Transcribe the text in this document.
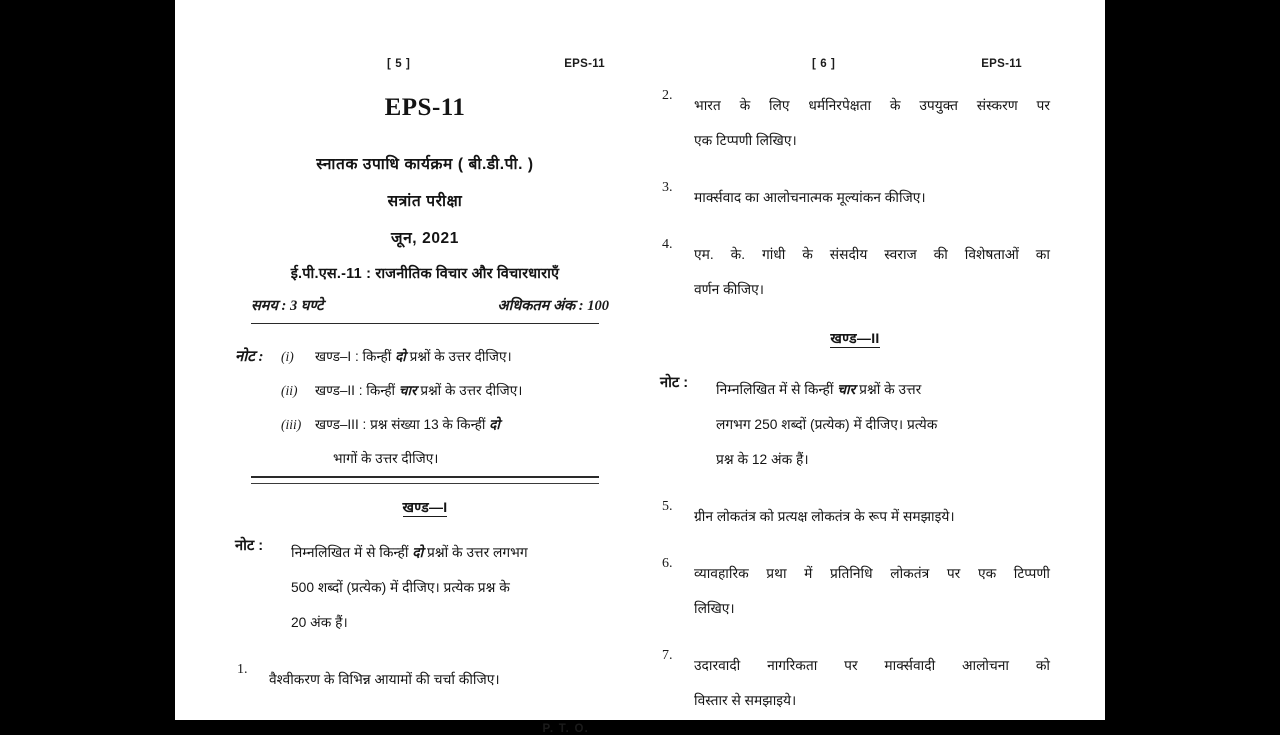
[ 5 ]	EPS-11
EPS-11
स्नातक उपाधि कार्यक्रम ( बी.डी.पी. )
सत्रांत परीक्षा
जून, 2021
ई.पी.एस.-11 : राजनीतिक विचार और विचारधाराएँ
समय : 3 घण्टे	अधिकतम अंक : 100
नोट : (i)	खण्ड–I : किन्हीं दो प्रश्नों के उत्तर दीजिए।
(ii)	खण्ड–II : किन्हीं चार प्रश्नों के उत्तर दीजिए।
(iii)	खण्ड–III : प्रश्न संख्या 13 के किन्हीं दो
भागों के उत्तर दीजिए।
खण्ड—I
नोट : निम्नलिखित में से किन्हीं दो प्रश्नों के उत्तर लगभग
500 शब्दों (प्रत्येक) में दीजिए। प्रत्येक प्रश्न के
20 अंक हैं।
1.
वैश्वीकरण के विभिन्न आयामों की चर्चा कीजिए।
P. T. O.
[ 6 ]	EPS-11
2.
भारत के लिए धर्मनिरपेक्षता के उपयुक्त संस्करण पर
एक टिप्पणी लिखिए।
3.
मार्क्सवाद का आलोचनात्मक मूल्यांकन कीजिए।
4.
एम. के. गांधी के संसदीय स्वराज की विशेषताओं का
वर्णन कीजिए।
खण्ड—II
नोट : निम्नलिखित में से किन्हीं चार प्रश्नों के उत्तर
लगभग 250 शब्दों (प्रत्येक) में दीजिए। प्रत्येक
प्रश्न के 12 अंक हैं।
5.
ग्रीन लोकतंत्र को प्रत्यक्ष लोकतंत्र के रूप में समझाइये।
6.
व्यावहारिक प्रथा में प्रतिनिधि लोकतंत्र पर एक टिप्पणी
लिखिए।
7.
उदारवादी नागरिकता पर मार्क्सवादी आलोचना को
विस्तार से समझाइये।
